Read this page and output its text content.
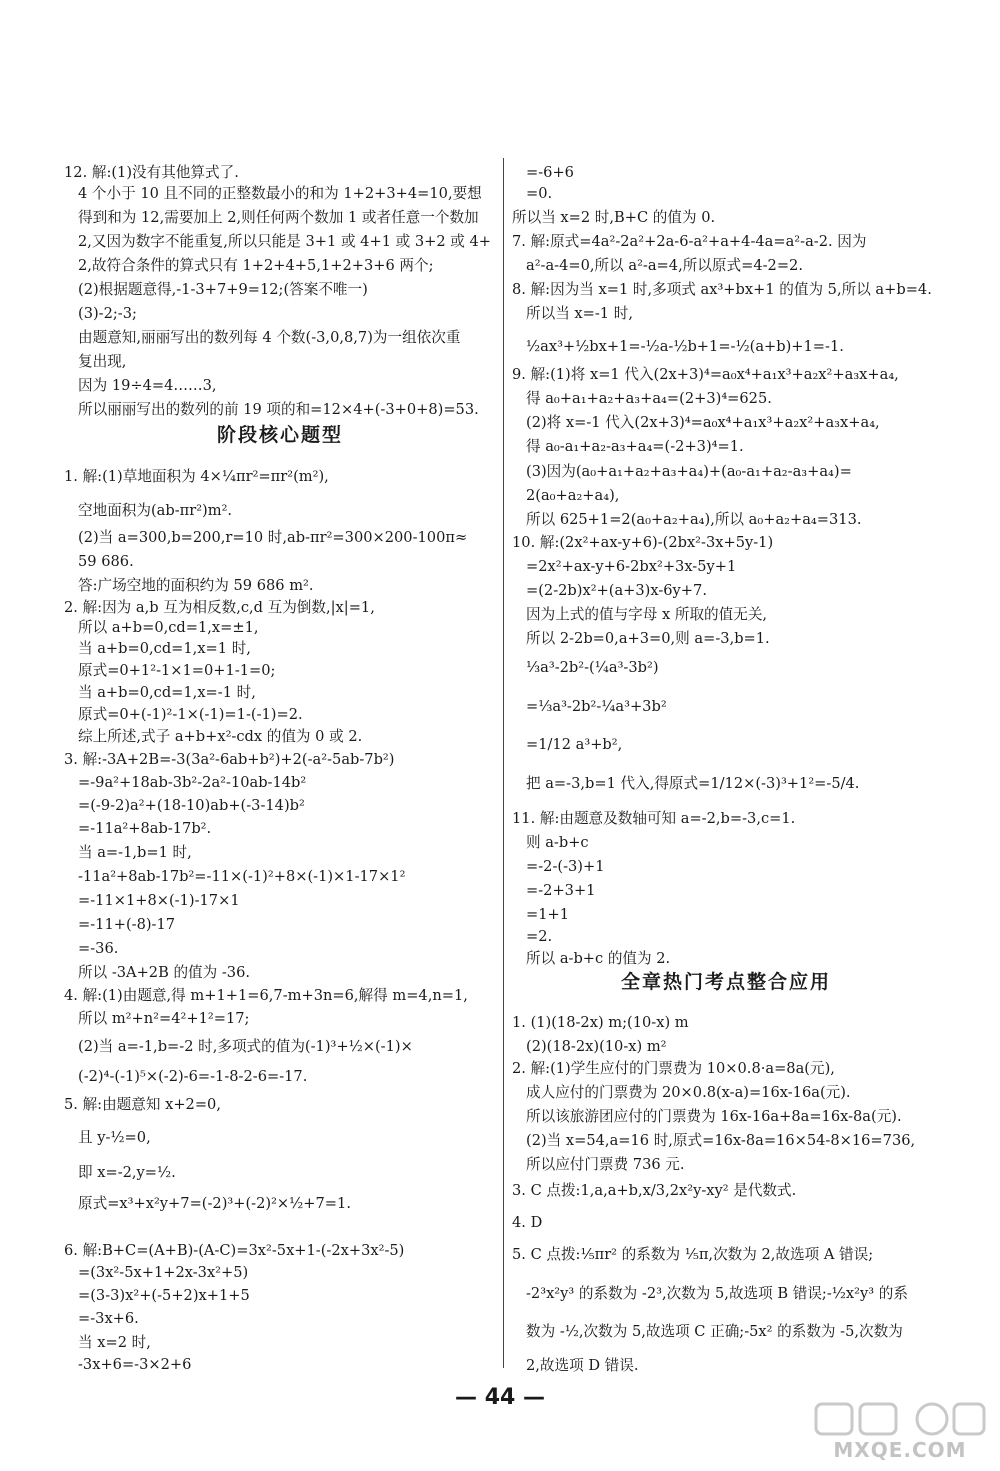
12. 解:(1)没有其他算式了.
4 个小于 10 且不同的正整数最小的和为 1+2+3+4=10,要想
得到和为 12,需要加上 2,则任何两个数加 1 或者任意一个数加
2,又因为数字不能重复,所以只能是 3+1 或 4+1 或 3+2 或 4+
2,故符合条件的算式只有 1+2+4+5,1+2+3+6 两个;
(2)根据题意得,-1-3+7+9=12;(答案不唯一)
(3)-2;-3;
由题意知,丽丽写出的数列每 4 个数(-3,0,8,7)为一组依次重
复出现,
因为 19÷4=4……3,
所以丽丽写出的数列的前 19 项的和=12×4+(-3+0+8)=53.
1. 解:(1)草地面积为 4×¼πr²=πr²(m²),
空地面积为(ab-πr²)m².
(2)当 a=300,b=200,r=10 时,ab-πr²=300×200-100π≈
59 686.
答:广场空地的面积约为 59 686 m².
2. 解:因为 a,b 互为相反数,c,d 互为倒数,|x|=1,
所以 a+b=0,cd=1,x=±1,
当 a+b=0,cd=1,x=1 时,
原式=0+1²-1×1=0+1-1=0;
当 a+b=0,cd=1,x=-1 时,
原式=0+(-1)²-1×(-1)=1-(-1)=2.
综上所述,式子 a+b+x²-cdx 的值为 0 或 2.
3. 解:-3A+2B=-3(3a²-6ab+b²)+2(-a²-5ab-7b²)
=-9a²+18ab-3b²-2a²-10ab-14b²
=(-9-2)a²+(18-10)ab+(-3-14)b²
=-11a²+8ab-17b².
当 a=-1,b=1 时,
-11a²+8ab-17b²=-11×(-1)²+8×(-1)×1-17×1²
=-11×1+8×(-1)-17×1
=-11+(-8)-17
=-36.
所以 -3A+2B 的值为 -36.
4. 解:(1)由题意,得 m+1+1=6,7-m+3n=6,解得 m=4,n=1,
所以 m²+n²=4²+1²=17;
(2)当 a=-1,b=-2 时,多项式的值为(-1)³+½×(-1)×
(-2)⁴-(-1)⁵×(-2)-6=-1-8-2-6=-17.
5. 解:由题意知 x+2=0,
且 y-½=0,
即 x=-2,y=½.
原式=x³+x²y+7=(-2)³+(-2)²×½+7=1.
6. 解:B+C=(A+B)-(A-C)=3x²-5x+1-(-2x+3x²-5)
=(3x²-5x+1+2x-3x²+5)
=(3-3)x²+(-5+2)x+1+5
=-3x+6.
当 x=2 时,
-3x+6=-3×2+6
阶段核心题型
=-6+6
=0.
所以当 x=2 时,B+C 的值为 0.
7. 解:原式=4a²-2a²+2a-6-a²+a+4-4a=a²-a-2. 因为
a²-a-4=0,所以 a²-a=4,所以原式=4-2=2.
8. 解:因为当 x=1 时,多项式 ax³+bx+1 的值为 5,所以 a+b=4.
所以当 x=-1 时,
½ax³+½bx+1=-½a-½b+1=-½(a+b)+1=-1.
9. 解:(1)将 x=1 代入(2x+3)⁴=a₀x⁴+a₁x³+a₂x²+a₃x+a₄,
得 a₀+a₁+a₂+a₃+a₄=(2+3)⁴=625.
(2)将 x=-1 代入(2x+3)⁴=a₀x⁴+a₁x³+a₂x²+a₃x+a₄,
得 a₀-a₁+a₂-a₃+a₄=(-2+3)⁴=1.
(3)因为(a₀+a₁+a₂+a₃+a₄)+(a₀-a₁+a₂-a₃+a₄)=
2(a₀+a₂+a₄),
所以 625+1=2(a₀+a₂+a₄),所以 a₀+a₂+a₄=313.
10. 解:(2x²+ax-y+6)-(2bx²-3x+5y-1)
=2x²+ax-y+6-2bx²+3x-5y+1
=(2-2b)x²+(a+3)x-6y+7.
因为上式的值与字母 x 所取的值无关,
所以 2-2b=0,a+3=0,则 a=-3,b=1.
⅓a³-2b²-(¼a³-3b²)
=⅓a³-2b²-¼a³+3b²
=1/12 a³+b²,
把 a=-3,b=1 代入,得原式=1/12×(-3)³+1²=-5/4.
11. 解:由题意及数轴可知 a=-2,b=-3,c=1.
则 a-b+c
=-2-(-3)+1
=-2+3+1
=1+1
=2.
所以 a-b+c 的值为 2.
1. (1)(18-2x) m;(10-x) m
(2)(18-2x)(10-x) m²
2. 解:(1)学生应付的门票费为 10×0.8·a=8a(元),
成人应付的门票费为 20×0.8(x-a)=16x-16a(元).
所以该旅游团应付的门票费为 16x-16a+8a=16x-8a(元).
(2)当 x=54,a=16 时,原式=16x-8a=16×54-8×16=736,
所以应付门票费 736 元.
3. C 点拨:1,a,a+b,x/3,2x²y-xy² 是代数式.
4. D
5. C 点拨:⅕πr² 的系数为 ⅕π,次数为 2,故选项 A 错误;
-2³x²y³ 的系数为 -2³,次数为 5,故选项 B 错误;-½x²y³ 的系
数为 -½,次数为 5,故选项 C 正确;-5x² 的系数为 -5,次数为
2,故选项 D 错误.
全章热门考点整合应用
— 44 —
MXQE.COM
